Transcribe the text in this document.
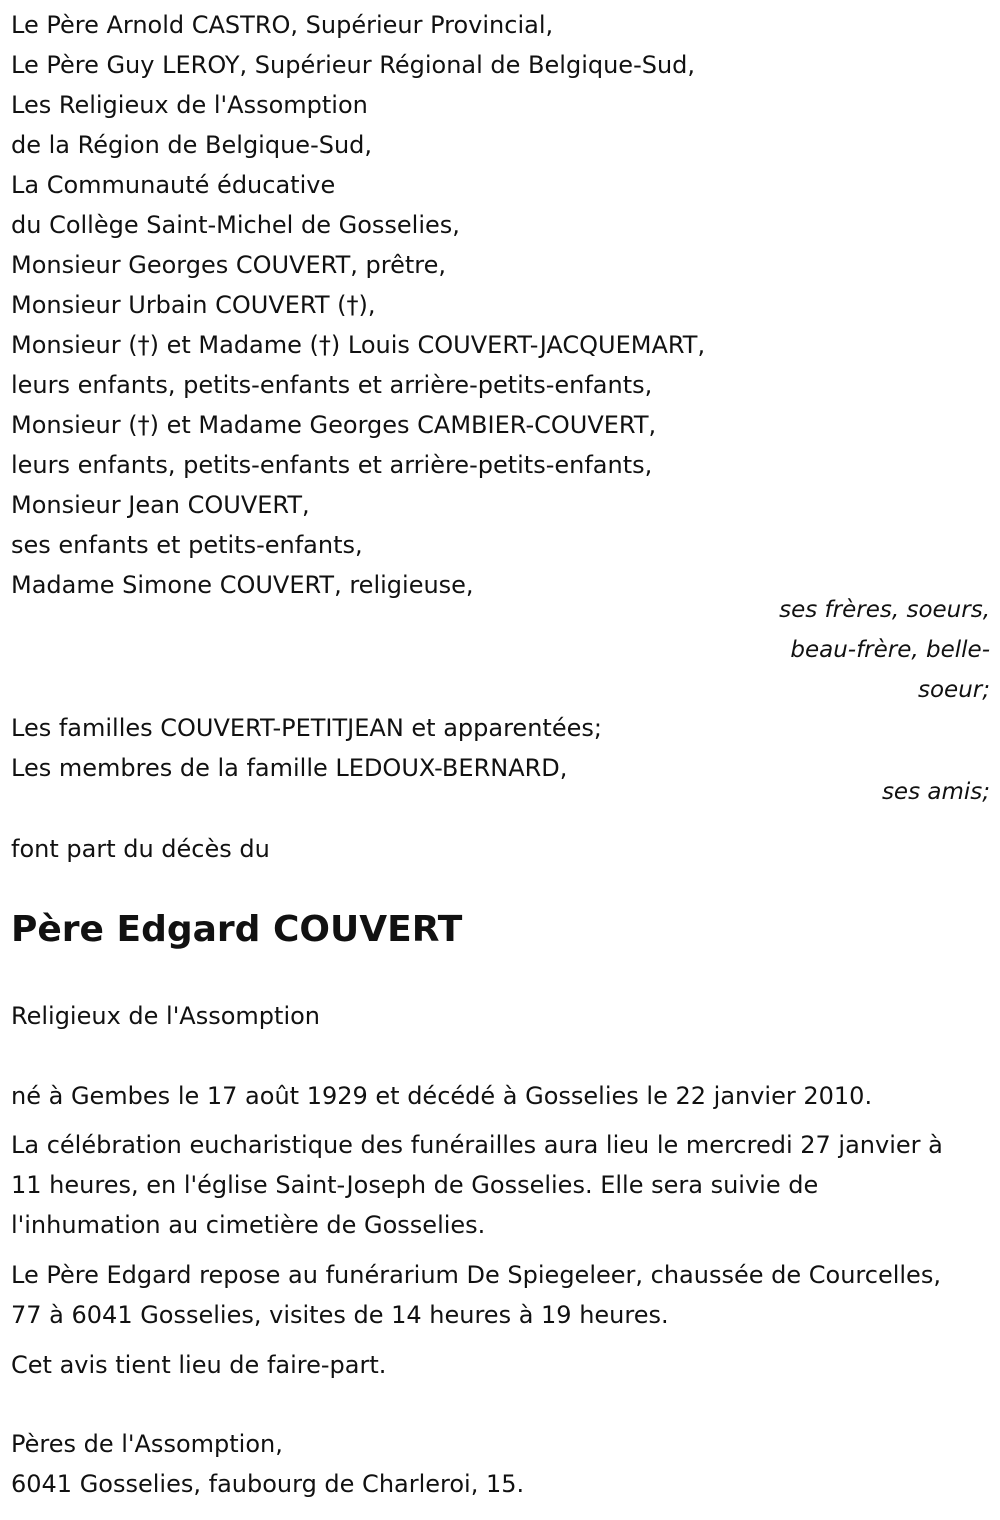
Le Père Arnold CASTRO, Supérieur Provincial,
Le Père Guy LEROY, Supérieur Régional de Belgique-Sud,
Les Religieux de l'Assomption
de la Région de Belgique-Sud,
La Communauté éducative
du Collège Saint-Michel de Gosselies,
Monsieur Georges COUVERT, prêtre,
Monsieur Urbain COUVERT (†),
Monsieur (†) et Madame (†) Louis COUVERT-JACQUEMART,
leurs enfants, petits-enfants et arrière-petits-enfants,
Monsieur (†) et Madame Georges CAMBIER-COUVERT,
leurs enfants, petits-enfants et arrière-petits-enfants,
Monsieur Jean COUVERT,
ses enfants et petits-enfants,
Madame Simone COUVERT, religieuse,
ses frères, soeurs,
beau-frère, belle-
soeur;
Les familles COUVERT-PETITJEAN et apparentées;
Les membres de la famille LEDOUX-BERNARD,
ses amis;
font part du décès du
Père Edgard COUVERT
Religieux de l'Assomption
né à Gembes le 17 août 1929 et décédé à Gosselies le 22 janvier 2010.
La célébration eucharistique des funérailles aura lieu le mercredi 27 janvier à 11 heures, en l'église Saint-Joseph de Gosselies. Elle sera suivie de l'inhumation au cimetière de Gosselies.
Le Père Edgard repose au funérarium De Spiegeleer, chaussée de Courcelles, 77 à 6041 Gosselies, visites de 14 heures à 19 heures.
Cet avis tient lieu de faire-part.
Pères de l'Assomption,
6041 Gosselies, faubourg de Charleroi, 15.
